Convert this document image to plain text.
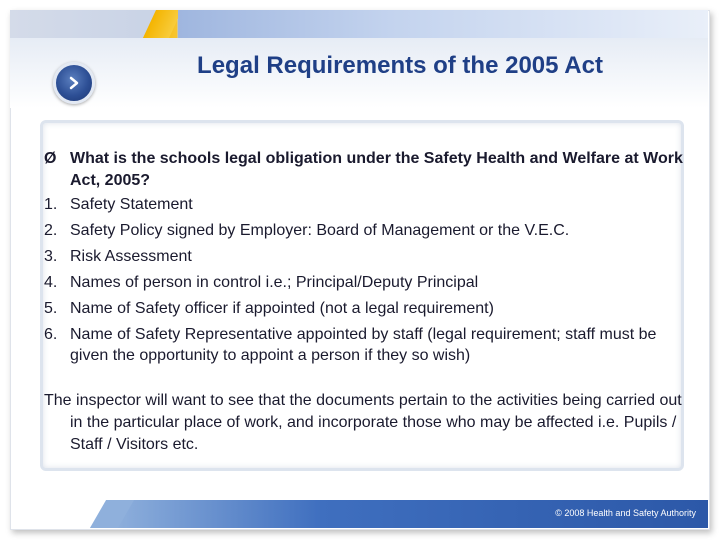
Legal Requirements of the 2005 Act
Ø What is the schools legal obligation under the Safety Health and Welfare at Work Act, 2005?
1. Safety Statement
2. Safety Policy signed by Employer: Board of Management or the V.E.C.
3. Risk Assessment
4. Names of person in control i.e.; Principal/Deputy Principal
5. Name of Safety officer if appointed (not a legal requirement)
6. Name of Safety Representative appointed by staff (legal requirement; staff must be given the opportunity to appoint a person if they so wish)
The inspector will want to see that the documents pertain to the activities being carried out in the particular place of work, and incorporate those who may be affected i.e. Pupils / Staff / Visitors etc.
© 2008 Health and Safety Authority
